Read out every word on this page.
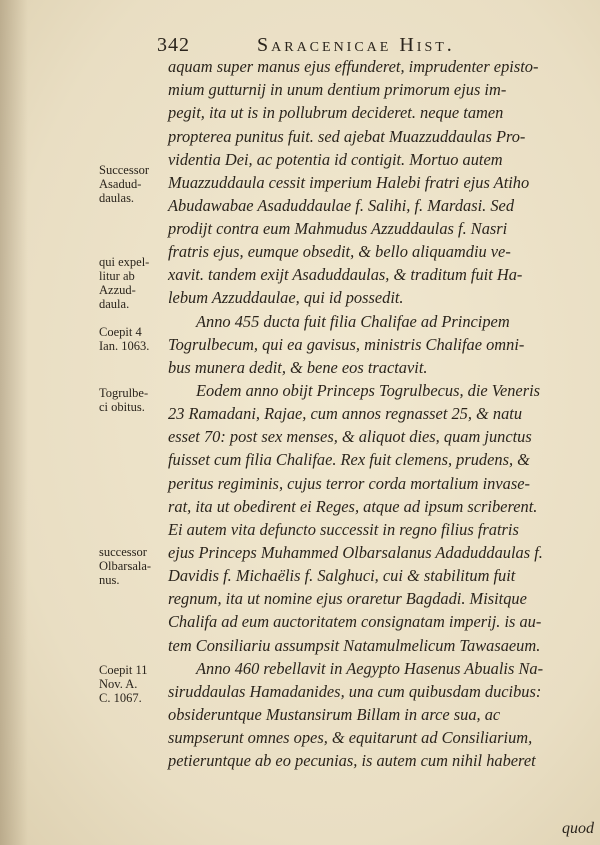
342	Saracenicae Hist.
aquam super manus ejus effunderet, imprudenter episto-
mium gutturnij in unum dentium primorum ejus im-
pegit, ita ut is in pollubrum decideret. neque tamen
propterea punitus fuit. sed ajebat Muazzuddaulas Pro-
videntia Dei, ac potentia id contigit. Mortuo autem
Muazzuddaula cessit imperium Halebi fratri ejus Atiho
Abudawabae Asaduddaulae f. Salihi, f. Mardasi. Sed
prodijt contra eum Mahmudus Azzuddaulas f. Nasri
fratris ejus, eumque obsedit, & bello aliquamdiu ve-
xavit. tandem exijt Asaduddaulas, & traditum fuit Ha-
lebum Azzuddaulae, qui id possedit.
Anno 455 ducta fuit filia Chalifae ad Principem
Togrulbecum, qui ea gavisus, ministris Chalifae omni-
bus munera dedit, & bene eos tractavit.
Eodem anno obijt Princeps Togrulbecus, die Veneris
23 Ramadani, Rajae, cum annos regnasset 25, & natu
esset 70: post sex menses, & aliquot dies, quam junctus
fuisset cum filia Chalifae. Rex fuit clemens, prudens, &
peritus regiminis, cujus terror corda mortalium invase-
rat, ita ut obedirent ei Reges, atque ad ipsum scriberent.
Ei autem vita defuncto successit in regno filius fratris
ejus Princeps Muhammed Olbarsalanus Adaduddaulas f.
Davidis f. Michaëlis f. Salghuci, cui & stabilitum fuit
regnum, ita ut nomine ejus oraretur Bagdadi. Misitque
Chalifa ad eum auctoritatem consignatam imperij. is au-
tem Consiliariu assumpsit Natamulmelicum Tawasaeum.
Anno 460 rebellavit in Aegypto Hasenus Abualis Na-
siruddaulas Hamadanides, una cum quibusdam ducibus:
obsideruntque Mustansirum Billam in arce sua, ac
sumpserunt omnes opes, & equitarunt ad Consiliarium,
petieruntque ab eo pecunias, is autem cum nihil haberet
Successor
Asadud-
daulas.
qui expel-
litur ab
Azzud-
daula.
Coepit 4
Ian. 1063.
Togrulbe-
ci obitus.
successor
Olbarsala-
nus.
Coepit 11
Nov. A.
C. 1067.
quod
